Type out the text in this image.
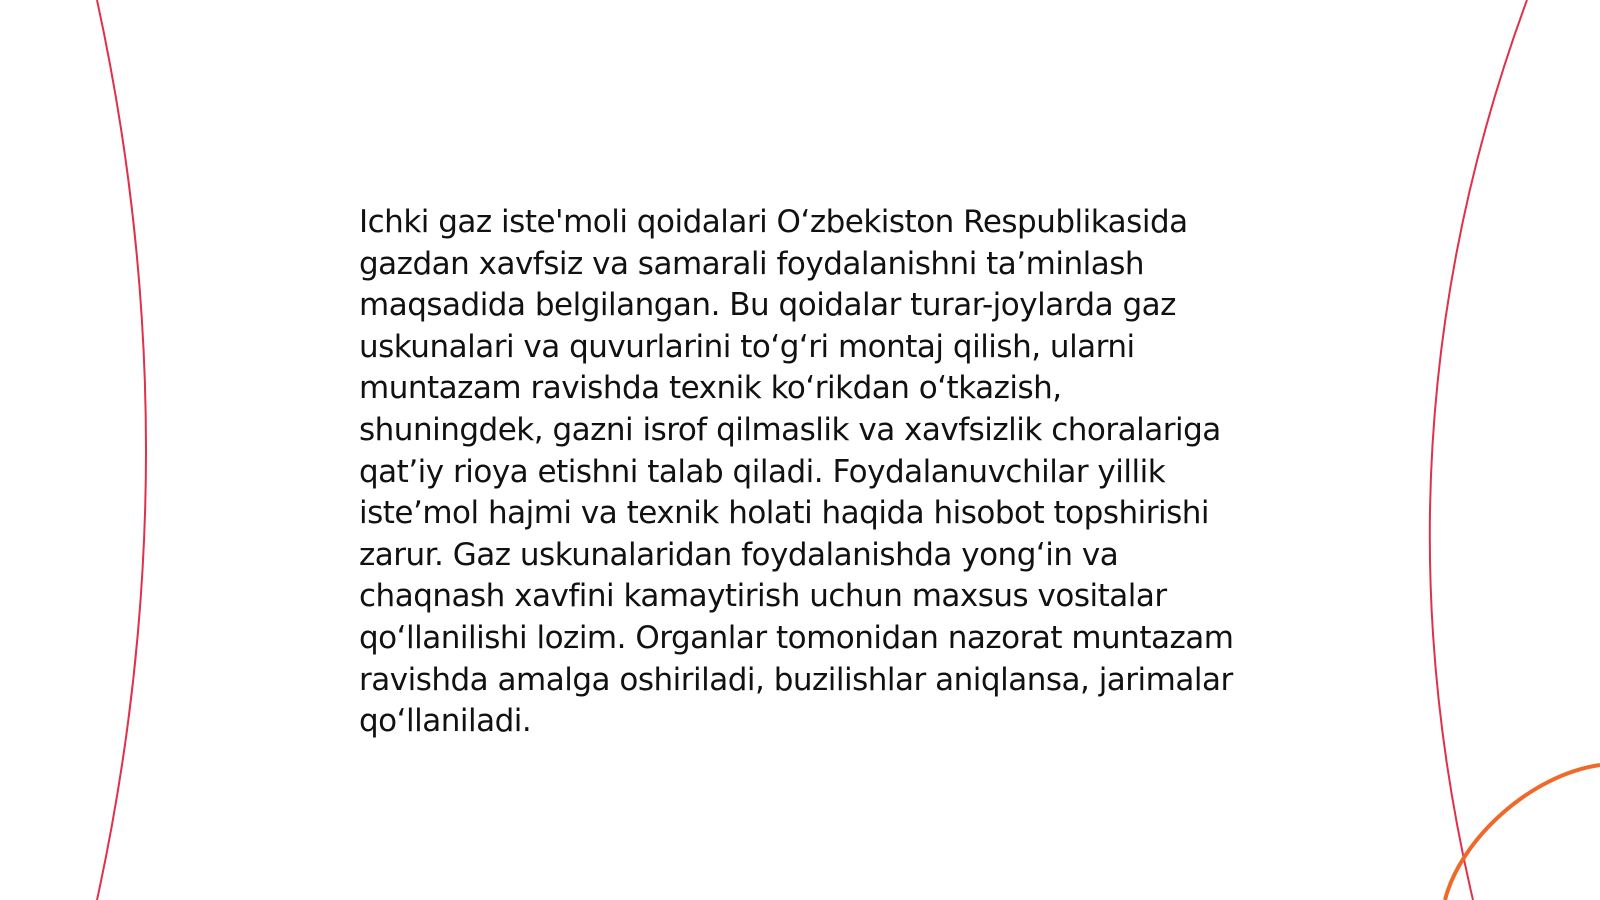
Ichki gaz iste'moli qoidalari O‘zbekiston Respublikasida gazdan xavfsiz va samarali foydalanishni ta’minlash maqsadida belgilangan. Bu qoidalar turar-joylarda gaz uskunalari va quvurlarini to‘g‘ri montaj qilish, ularni muntazam ravishda texnik ko‘rikdan o‘tkazish, shuningdek, gazni isrof qilmaslik va xavfsizlik choralariga qat’iy rioya etishni talab qiladi. Foydalanuvchilar yillik iste’mol hajmi va texnik holati haqida hisobot topshirishi zarur. Gaz uskunalaridan foydalanishda yong‘in va chaqnash xavfini kamaytirish uchun maxsus vositalar qo‘llanilishi lozim. Organlar tomonidan nazorat muntazam ravishda amalga oshiriladi, buzilishlar aniqlansa, jarimalar qo‘llaniladi.
